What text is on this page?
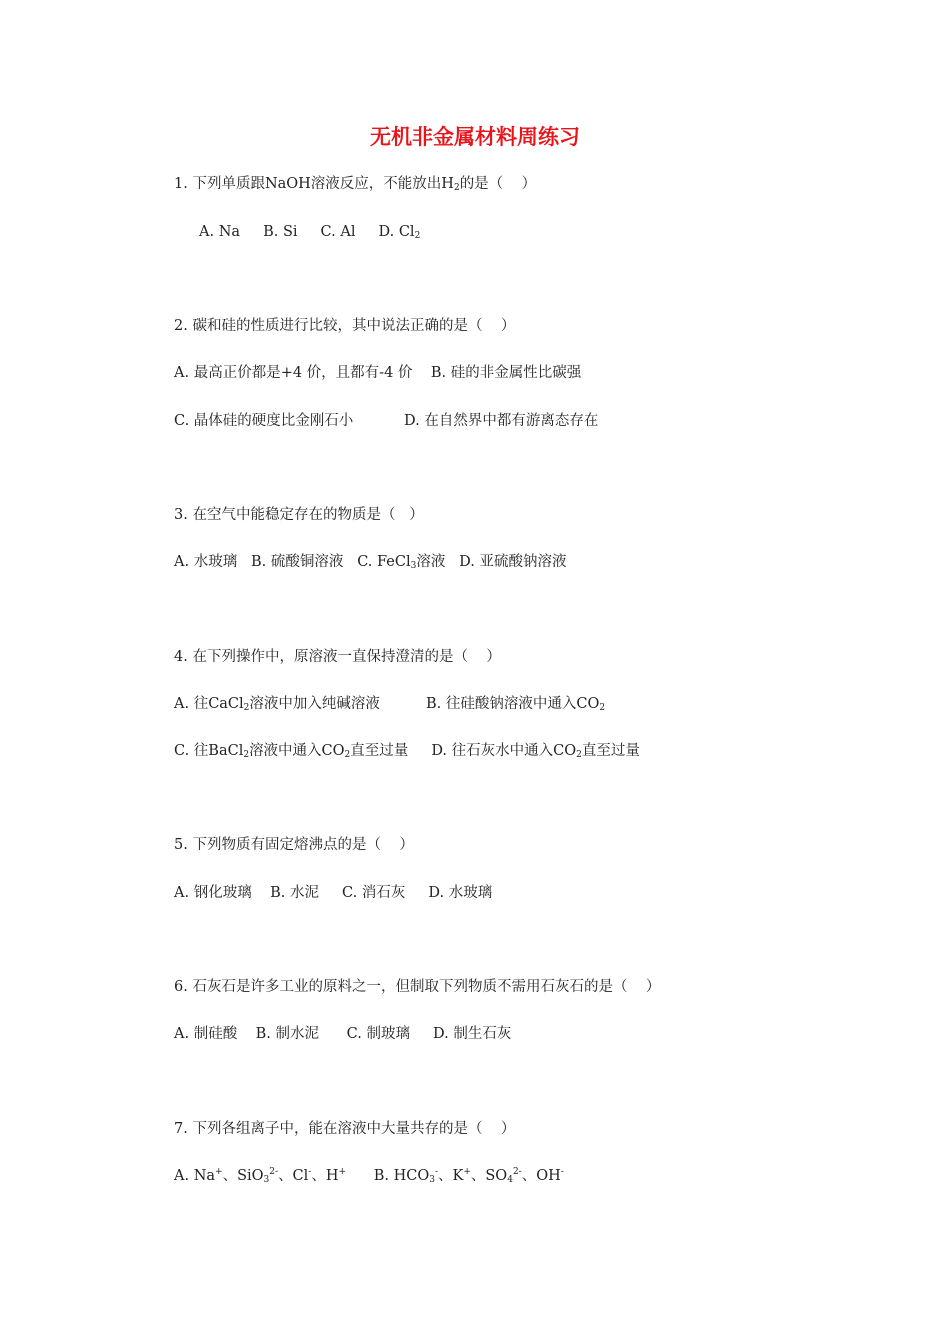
无机非金属材料周练习
1. 下列单质跟NaOH溶液反应，不能放出$H_2$的是（    ）
A. Na     B. Si     C. Al     D. $Cl_2$
2. 碳和硅的性质进行比较，其中说法正确的是（    ）
A. 最高正价都是+4 价，且都有-4 价    B. 硅的非金属性比碳强
C. 晶体硅的硬度比金刚石小           D. 在自然界中都有游离态存在
3. 在空气中能稳定存在的物质是（   ）
A. 水玻璃   B. 硫酸铜溶液   C. FeCl$_3$溶液   D. 亚硫酸钠溶液
4. 在下列操作中，原溶液一直保持澄清的是（    ）
A. 往CaCl$_2$溶液中加入纯碱溶液          B. 往硅酸钠溶液中通入$CO_2$
C. 往BaCl$_2$溶液中通入$CO_2$直至过量     D. 往石灰水中通入$CO_2$直至过量
5. 下列物质有固定熔沸点的是（    ）
A. 钢化玻璃    B. 水泥     C. 消石灰     D. 水玻璃
6. 石灰石是许多工业的原料之一，但制取下列物质不需用石灰石的是（    ）
A. 制硅酸    B. 制水泥      C. 制玻璃     D. 制生石灰
7. 下列各组离子中，能在溶液中大量共存的是（    ）
A. Na+、SiO$_3^{2-}$、Cl-、H+      B. $HCO_3^-$、K+、$SO_4^{2-}$、OH-
